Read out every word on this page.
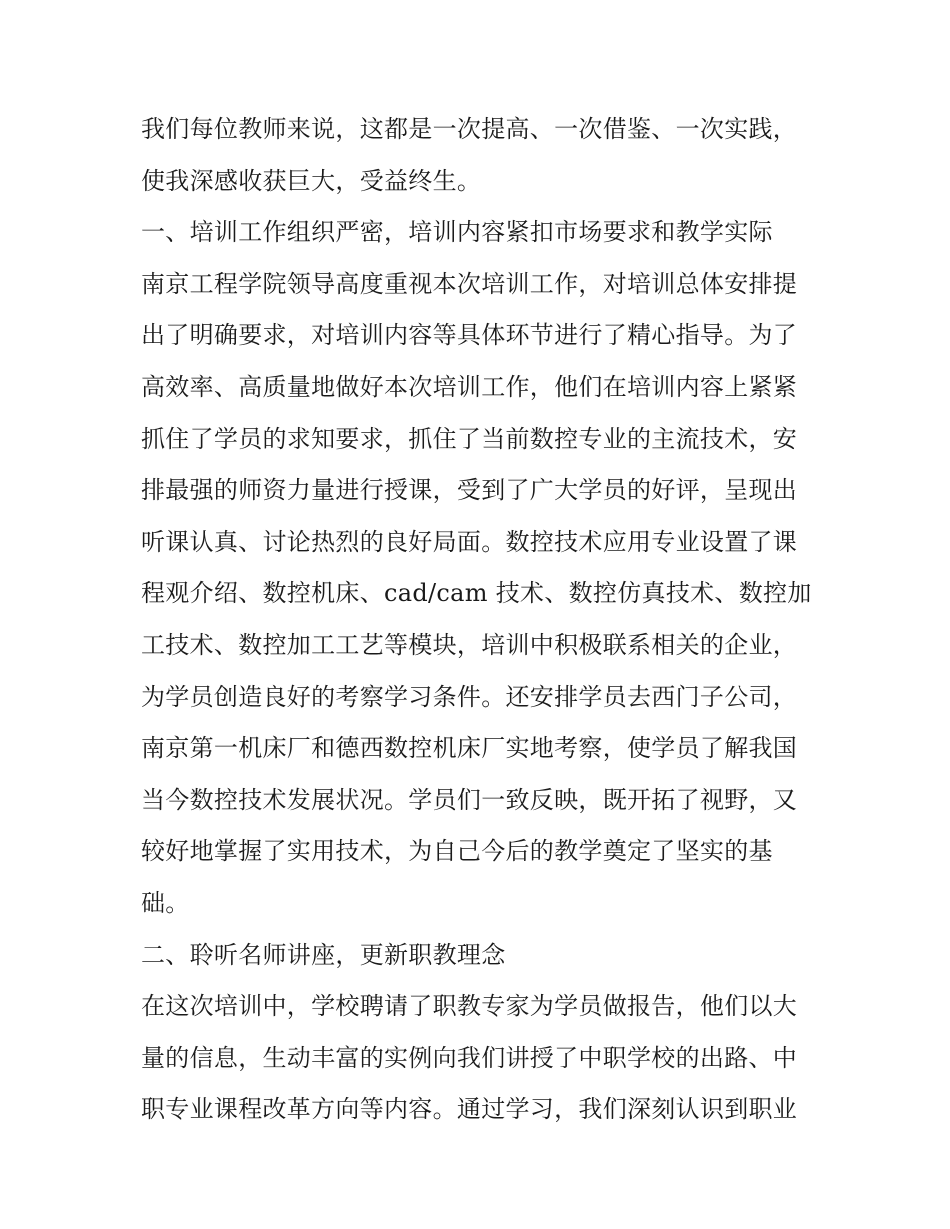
我们每位教师来说，这都是一次提高、一次借鉴、一次实践，
使我深感收获巨大，受益终生。
一、培训工作组织严密，培训内容紧扣市场要求和教学实际
南京工程学院领导高度重视本次培训工作，对培训总体安排提
出了明确要求，对培训内容等具体环节进行了精心指导。为了
高效率、高质量地做好本次培训工作，他们在培训内容上紧紧
抓住了学员的求知要求，抓住了当前数控专业的主流技术，安
排最强的师资力量进行授课，受到了广大学员的好评，呈现出
听课认真、讨论热烈的良好局面。数控技术应用专业设置了课
程观介绍、数控机床、cad/cam 技术、数控仿真技术、数控加
工技术、数控加工工艺等模块，培训中积极联系相关的企业，
为学员创造良好的考察学习条件。还安排学员去西门子公司，
南京第一机床厂和德西数控机床厂实地考察，使学员了解我国
当今数控技术发展状况。学员们一致反映，既开拓了视野，又
较好地掌握了实用技术，为自己今后的教学奠定了坚实的基
础。
二、聆听名师讲座，更新职教理念
在这次培训中，学校聘请了职教专家为学员做报告，他们以大
量的信息，生动丰富的实例向我们讲授了中职学校的出路、中
职专业课程改革方向等内容。通过学习，我们深刻认识到职业
